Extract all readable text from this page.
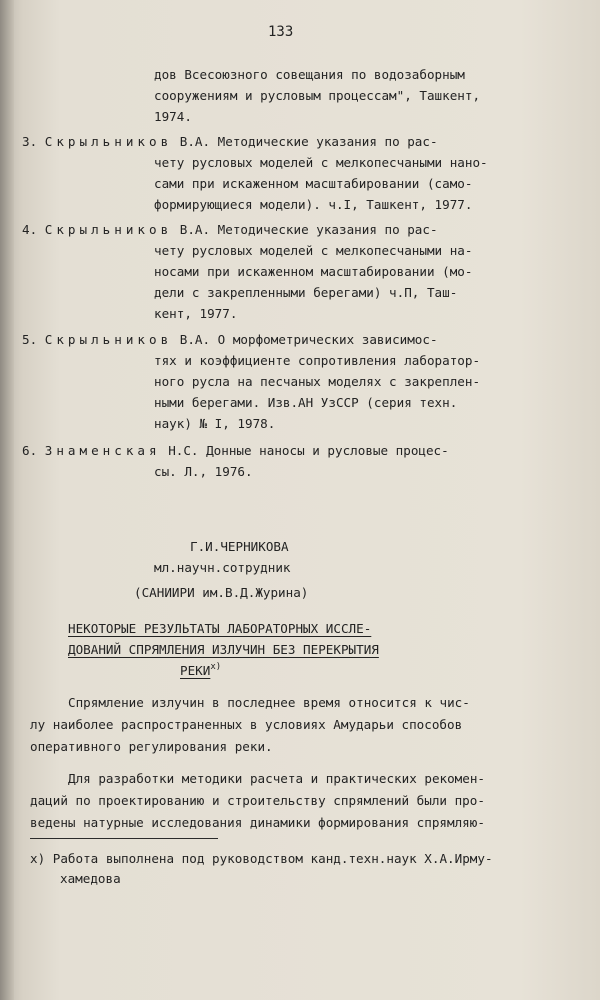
133
дов Всесоюзного совещания по водозаборным
сооружениям и русловым процессам", Ташкент,
1974.
3. Скрыльников В.А. Методические указания по рас-
чету русловых моделей с мелкопесчаными нано-
сами при искаженном масштабировании (само-
формирующиеся модели). ч.I, Ташкент, 1977.
4. Скрыльников В.А. Методические указания по рас-
чету русловых моделей с мелкопесчаными на-
носами при искаженном масштабировании (мо-
дели с закрепленными берегами) ч.П, Таш-
кент, 1977.
5. Скрыльников В.А. О морфометрических зависимос-
тях и коэффициенте сопротивления лаборатор-
ного русла на песчаных моделях с закреплен-
ными берегами. Изв.АН УзССР (серия техн.
наук) № I, 1978.
6. Знаменская Н.С. Донные наносы и русловые процес-
сы. Л., 1976.
Г.И.ЧЕРНИКОВА
мл.научн.сотрудник
(САНИИРИ им.В.Д.Журина)
НЕКОТОРЫЕ РЕЗУЛЬТАТЫ ЛАБОРАТОРНЫХ ИССЛЕ-
ДОВАНИЙ СПРЯМЛЕНИЯ ИЗЛУЧИН БЕЗ ПЕРЕКРЫТИЯ
РЕКИ$^{x)}$
Спрямление излучин в последнее время относится к чис-
лу наиболее распространенных в условиях Амударьи способов
оперативного регулирования реки.
Для разработки методики расчета и практических рекомен-
даций по проектированию и строительству спрямлений были про-
ведены натурные исследования динамики формирования спрямляю-
x) Работа выполнена под руководством канд.техн.наук Х.А.Ирму-
хамедова
